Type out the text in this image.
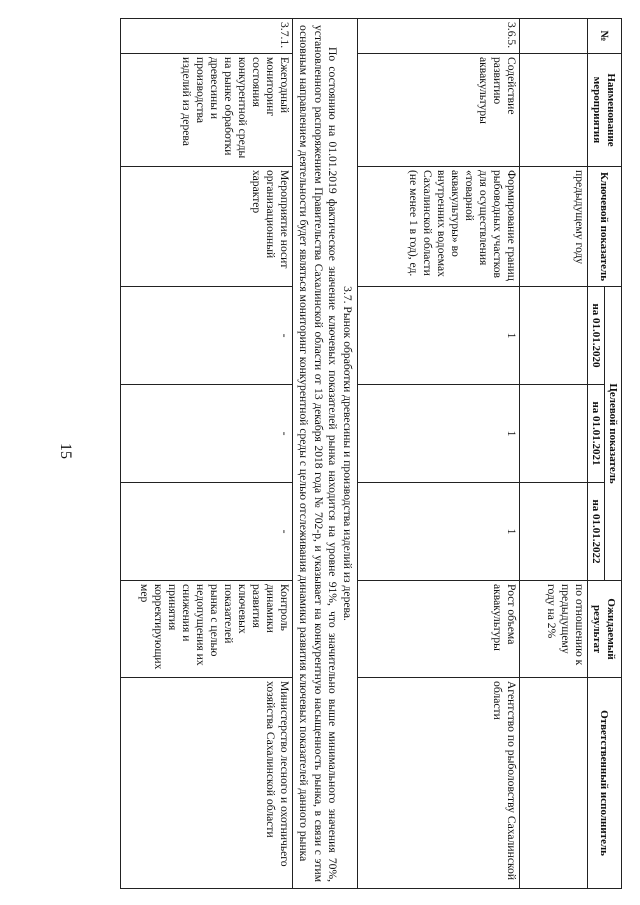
15
№	Наименование мероприятия	Ключевой показатель	Целевой показатель			Ожидаемый результат	Ответственный исполнитель
			на 01.01.2020	на 01.01.2021	на 01.01.2022		
		предыдущему году				по отношению к предыдущему году на 2%	
3.6.5.	Содействие развитию аквакультуры	Формирование границ рыбоводных участков для осуществления «товарной аквакультуры» во внутренних водоемах Сахалинской области (не менее 1 в год), ед.	1	1	1	Рост объема аквакультуры	Агентство по рыболовству Сахалинской области

3.7. Рынок обработки древесины и производства изделий из дерева.

По состоянию на 01.01.2019 фактическое значение ключевых показателей рынка находится на уровне 91%, что значительно выше минимального значения 70%, установленного распоряжением Правительства Сахалинской области от 13 декабря 2018 года № 702-р, и указывает на конкурентную насыщенность рынка, в связи с этим основным направлением деятельности будет являться мониторинг конкурентной среды с целью отслеживания динамики развития ключевых показателей данного рынка							

3.7.1.	Ежегодный мониторинг состояния конкурентной среды на рынке обработки древесины и производства изделий из дерева	Мероприятие носит организационный характер	-	-	-	Контроль динамики развития ключевых показателей рынка с целью недопущения их снижения и принятия корректирующих мер	Министерство лесного и охотничьего хозяйства Сахалинской области
